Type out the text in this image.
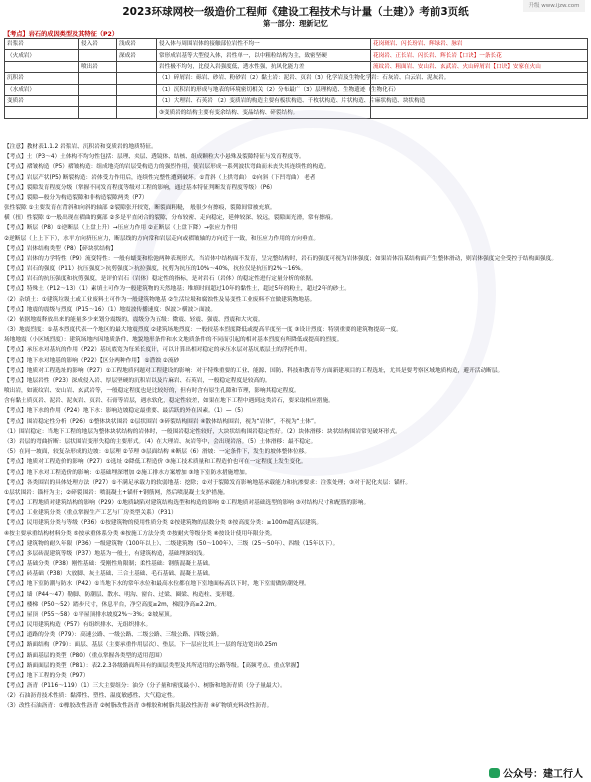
升级 www.ijzw.com
2023环球网校一级造价工程师《建设工程技术与计量（土建）》考前3页纸
第一部分：理新记忆
【考点】岩石的成因类型及其特征（P2）
岩浆岩	侵入岩	浅成岩	侵入体与周围岩体的接触部位岩性不均一	花岗斑岩、闪长玢岩、辉绿岩、脉岩
（火成岩）		深成岩	常形成岩基等大型侵入体，岩性单一，以中粗粒结构为主，致密坚硬	花岗岩、正长岩、闪长岩、辉长岩【口诀】一条长花
	喷出岩		岩性极不均匀，比侵入岩强度低，透水性强，抗风化能力差	流纹岩、粗面岩、安山岩、玄武岩、火山碎屑岩【口诀】安家在火山
沉积岩			（1）碎屑岩：砾岩、砂岩、粉砂岩（2）黏土岩：泥岩、页岩（3）化学岩及生物化学岩：石灰岩、白云岩、泥灰岩。	
（水成岩）			（1）沉积岩的形成与地表的环境密切相关（2）分布最广（3）层理构造、生物遗迹（生物化石）	
变质岩			（1）大理岩、石英岩 （2）变质岩的构造主要有板状构造、千枚状构造、片状构造、片麻状构造、块状构造	
			③变质岩的结构主要有变余结构、变晶结构、碎裂结构。	
【注意】教材表1.1.2 岩浆岩、沉积岩和变质岩的地质特征。
【考点】土（P3～4）土体构不均匀性包括：层理、夹层、透镜体、结核、组成颗粒大小悬殊及裂隙特征与发育程度等。
【考点】褶皱构造（P5）褶皱构造：组成地壳的岩层受构造力的强烈作用，使岩层形成一系列波状弯曲而未丧失其连续性的构造。
【考点】岩层产状(P5) 断裂构造：岩体受力作用后，连续性完整性遭到破坏。①背斜（上拱弯曲） ②向斜（下凹弯曲） 老者
【考点】裂隙发育程度分级（掌握不同发育程度等级对工程的影响，通过基本特征判断发育程度等级）（P6）
【考点】裂隙—般分为构造裂隙和非构造裂隙两类（P7）
张性裂隙 ①主要发育在背斜和向斜的轴部 ②裂隙张开较宽，断裂面粗糙， 般很少有擦痕，裂隙间常被充填。
横（扭）性裂隙 ①一般出现在褶曲的翼部 ②多是平直闭合的裂隙，分布较密、走向稳定，延伸较深、较远，裂隙面光滑，常有擦痕。
【考点】断层（P8）①逆断层（上盘上升）→压应力作用 ②正断层（上盘下降）→张应力作用
②逆断层（上上下下），水平方向挤压应力，断层线的方向常和岩层走向或褶皱轴的方向近于一致，和压应力作用的方向垂直。
【考点】岩体结构类型（P8）【碎块状结构】
【考点】岩体的力学特性（P9）流变特性：一般有蠕变和松弛两种表现形式。当岩体中结构面不发育，呈完整结构时，岩石的强度可视为岩体强度；如果岩体沿某结构面产生整体滑动，则岩体强度完全受控于结构面强度。
【考点】岩石的强度（P11）抗压强度＞抗剪强度＞抗拉强度，抗剪为抗压的10%～40%，抗拉仅是抗压的2%～16%。
【考点】岩石的抗压强度和抗剪强度，是评价岩石（岩体）稳定性的指标，是对岩石（岩体）的稳定性进行定量分析的依据。
【考点】特殊土（P12～13）（1）素填土可作为一般建筑物的天然地基；堆填时间超过10年的黏性土，超过5年的粉土，超过2年的砂土。
（2）杂填土：①建筑垃圾土或工业废料土可作为一般建筑物地基 ②生活垃圾和腐蚀性及易变性工业废料不宜做建筑物地基。
【考点】地震的震级与烈度（P15～16）（1）地震波传播速度：纵波＞横波＞面波。
（2）依据地震释放出来的能量多少来划分震级的，震级分为五级：微震、轻震、强震、烈震和大灾震。
（3）地震烈度：①基本烈度代表一个地区的最大地震烈度 ②建筑场地烈度：一般较基本烈度降低或提高半度至一度 ③设计烈度：特别重要的建筑物提高一度。
场地地震（小区域烈度）：建筑场地内因地质条件、地貌地形条件和水文地质条件的不同而引起的相对基本烈度有所降低或提高的烈度。
【考点】承压水对基坑的作用（P22）基坑底宽为每米长度计，可以计算出相对稳定的承压水层对基坑底层土的浮托作用。
【考点】地下水对地基的影响（P22）【区分两种作用】 ①潜蚀 ②流砂
【考点】地质对工程选址的影响（P27）①工程地质问题对工程建设的影响：对于特殊重要的工业、能源、国防、科技和教育等方面新建项目的工程选址，尤其是要考察区域地质构造，避开活动断层。
【考点】地层岩性（P23）深成侵入岩、厚层坚硬的沉积岩以及片麻岩、石英岩，一般稳定程度是较高的。
喷出岩，如流纹岩、安山岩、玄武岩等，一般稳定程度也是比较好的，但有时含有原生孔隙和节理，影响其稳定程度。
含有黏土质页岩、泥岩、泥灰岩、页岩、石膏等岩层，遇水软化，稳定性较差，如果在地下工程中遇到这类岩石，要采取相应措施。
【考点】地下水的作用（P24）地下水：影响边坡稳定最重要、最活跃的外在因素。（1）—（5）
【考点】围岩稳定性分析（P26）①整体块状围岩 ②层状围岩 ③碎裂结构围岩 ④散体结构围岩，视为“岩体”，不视为“土体”。
（1）围岩稳定：当地下工程的地层为整体块状结构的岩体时，一般围岩稳定性较好，大块状结构围岩稳定性好。（2）块体滑移：块状结构围岩常见破坏形式。
（3）岩层的弯曲折断：层状围岩变形失稳的主要形式。（4）在大理岩、灰岩等中，会出现岩溶。（5）土体滑移：最不稳定。
（5）在同一坡面，较复杂形成的边坡：①层理 ②节理 ③层面结构 ④断层（6）滑坡：一定条件下，发生的坡体整体位移。
【考点】地质对工程造价的影响（P27）①选址 ②降低工程造价 ③施工技术质量和工程造价也可在一定程度上发生变化。
【考点】地下水对工程造价的影响：①基础埋深增加 ②施工排水方案增加 ③地下室防水措施增加。
【考点】各类围岩的具体处理方法（P27）①不满足承载力的软弱地基：挖除；②对于裂隙发育影响地基承载能力和抗渗要求：注浆处理；③对于泥化夹层：锚杆。
①层状围岩：锚杆为主；②碎裂围岩：喷混凝土+锚杆+钢筋网，然后喷混凝土支护措施。
【考点】工程地质对建筑结构的影响（P29）①地质缺陷对建筑结构选型和构造的影响 ②工程地质对基础选型的影响 ③对结构尺寸和配筋的影响。
【考点】工业建筑分类（重点掌握生产工艺与厂房类型关系）（P31）
【考点】民用建筑分类与等级（P36）①按建筑物的使用性质分类 ②按建筑物的层数分类 ③按高度分类：≥100m超高层建筑。
④按主要承重结构材料分类 ⑤按承重体系分类 ⑥按施工方法分类 ⑦按耐火等级分类 ⑧按设计使用年限分类。
【考点】建筑物的耐久年限（P36）一级建筑物（100年以上）、二级建筑物（50～100年）、三级（25～50年）、四级（15年以下）。
【考点】多层砖混建筑等级（P37）地基为一般土，有建筑构造，基础埋深较浅。
【考点】基础分类（P38）刚性基础：受刚性角限制；柔性基础：钢筋混凝土基础。
【考点】砖基础（P38）大放脚、灰土基础、三合土基础、毛石基础、混凝土基础。
【考点】地下室防潮与防水（P42）①当地下水的常年水位和最高水位都在地下室地面标高以下时，地下室需做防潮处理。
【考点】墙（P44～47）勒脚、防潮层、散水、明沟、窗台、过梁、圈梁、构造柱、变形缝。
【考点】楼梯（P50～52）踏步尺寸，休息平台，净空高度≥2m，梯段净高≥2.2m。
【考点】屋顶（P55～58）①平屋顶排水坡度2%～3%；②坡屋顶。
【考点】民用建筑构造（P57）有组织排水、无组织排水。
【考点】道路的分类（P79）：高速公路、一级公路、二级公路、三级公路、四级公路。
【考点】路面结构（P79）：面层、基层（主要承重作用层次）、垫层。下一层应比其上一层的每边宽出0.25m
【考点】路面基层的类型（P80）（重点掌握各类型的适用范围）
【考点】路面面层的类型（P81）：表2.2.3各级路面所具有的面层类型及其所适用的公路等级。【高频考点、重点掌握】
【考点】地下工程的分类（P97）
【考点】沥青（P116～119）（1）三大主要组分：油分（分子量和密度最小）、树脂和地沥青质（分子量最大）。
（2）石油沥青技术性质：黏滞性、塑性、温度敏感性、大气稳定性。
（3）改性石油沥青：①橡胶改性沥青 ②树脂改性沥青 ③橡胶和树脂共混改性沥青 ④矿物填充料改性沥青。
公众号：建工行人
